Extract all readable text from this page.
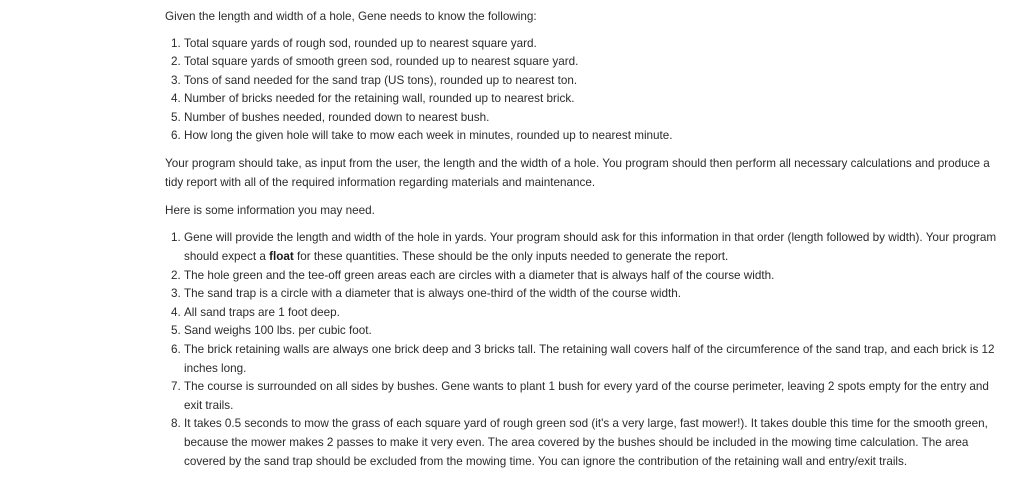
Given the length and width of a hole, Gene needs to know the following:

1. Total square yards of rough sod, rounded up to nearest square yard.
2. Total square yards of smooth green sod, rounded up to nearest square yard.
3. Tons of sand needed for the sand trap (US tons), rounded up to nearest ton.
4. Number of bricks needed for the retaining wall, rounded up to nearest brick.
5. Number of bushes needed, rounded down to nearest bush.
6. How long the given hole will take to mow each week in minutes, rounded up to nearest minute.

Your program should take, as input from the user, the length and the width of a hole. You program should then perform all necessary calculations and produce a tidy report with all of the required information regarding materials and maintenance.

Here is some information you may need.

1. Gene will provide the length and width of the hole in yards. Your program should ask for this information in that order (length followed by width). Your program should expect a float for these quantities. These should be the only inputs needed to generate the report.
2. The hole green and the tee-off green areas each are circles with a diameter that is always half of the course width.
3. The sand trap is a circle with a diameter that is always one-third of the width of the course width.
4. All sand traps are 1 foot deep.
5. Sand weighs 100 lbs. per cubic foot.
6. The brick retaining walls are always one brick deep and 3 bricks tall. The retaining wall covers half of the circumference of the sand trap, and each brick is 12 inches long.
7. The course is surrounded on all sides by bushes. Gene wants to plant 1 bush for every yard of the course perimeter, leaving 2 spots empty for the entry and exit trails.
8. It takes 0.5 seconds to mow the grass of each square yard of rough green sod (it's a very large, fast mower!). It takes double this time for the smooth green, because the mower makes 2 passes to make it very even. The area covered by the bushes should be included in the mowing time calculation. The area covered by the sand trap should be excluded from the mowing time. You can ignore the contribution of the retaining wall and entry/exit trails.
